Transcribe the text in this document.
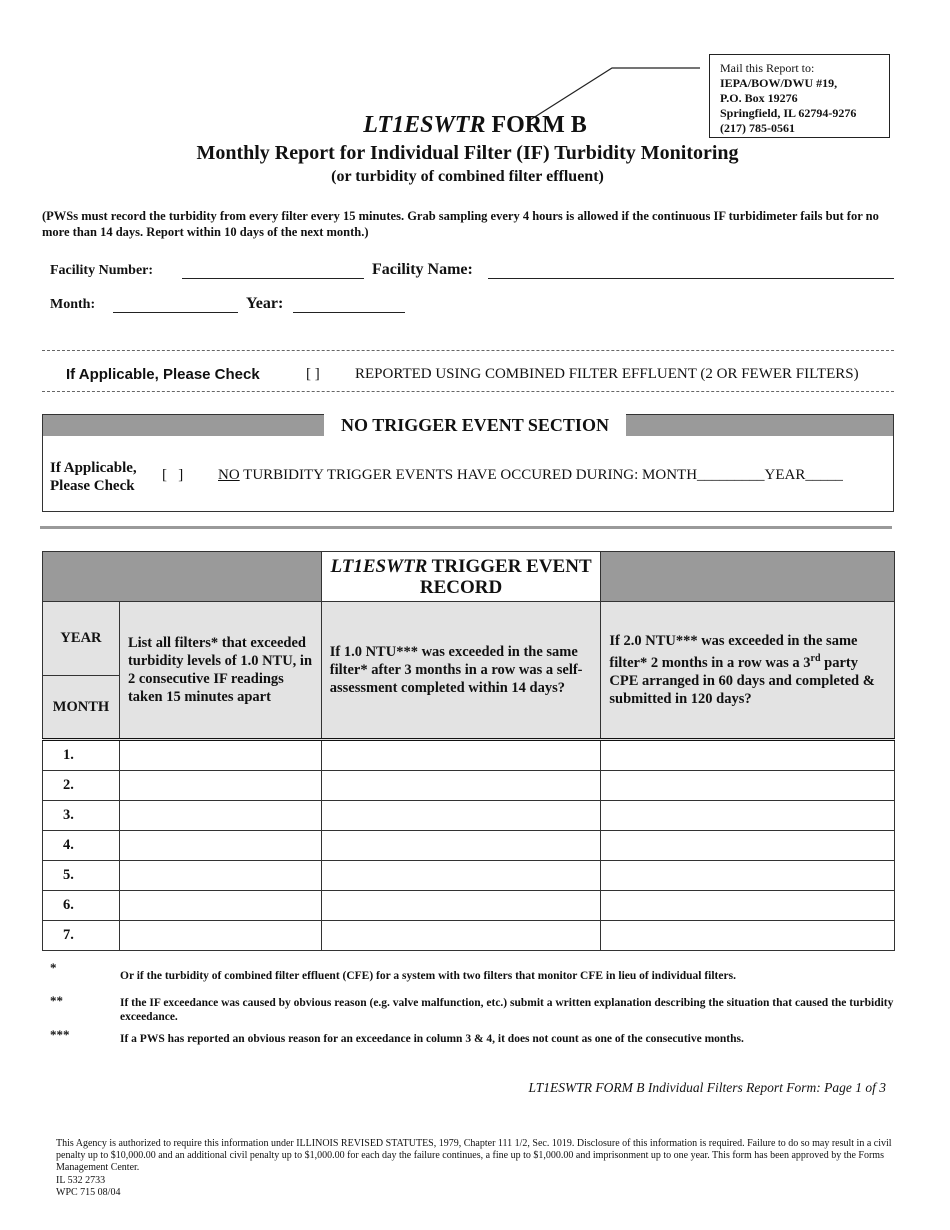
LT1ESWTR FORM B
Mail this Report to:
IEPA/BOW/DWU #19,
P.O. Box 19276
Springfield, IL 62794-9276
(217) 785-0561
Monthly Report for Individual Filter (IF) Turbidity Monitoring
(or turbidity of combined filter effluent)
(PWSs must record the turbidity from every filter every 15 minutes. Grab sampling every 4 hours is allowed if the continuous IF turbidimeter fails but for no more than 14 days. Report within 10 days of the next month.)
Facility Number:	Facility Name:
Month:	Year:
If Applicable, Please Check	[ ] REPORTED USING COMBINED FILTER EFFLUENT (2 OR FEWER FILTERS)
NO TRIGGER EVENT SECTION
If Applicable,
Please Check
[   ] NO TURBIDITY TRIGGER EVENTS HAVE OCCURED DURING: MONTH_________YEAR_____
		LT1ESWTR TRIGGER EVENT RECORD	
YEAR	List all filters* that exceeded turbidity levels of 1.0 NTU, in 2 consecutive IF readings taken 15 minutes apart	If 1.0 NTU*** was exceeded in the same filter* after 3 months in a row was a self-assessment completed within 14 days?	If 2.0 NTU*** was exceeded in the same filter* 2 months in a row was a 3rd party CPE arranged in 60 days and completed & submitted in 120 days?
MONTH			
1.			
2.			
3.			
4.			
5.			
6.			
7.			
*
Or if the turbidity of combined filter effluent (CFE) for a system with two filters that monitor CFE in lieu of individual filters.
**	If the IF exceedance was caused by obvious reason (e.g. valve malfunction, etc.) submit a written explanation describing the situation that caused the turbidity exceedance.
***	If a PWS has reported an obvious reason for an exceedance in column 3 & 4, it does not count as one of the consecutive months.
LT1ESWTR FORM B Individual Filters Report Form: Page 1 of 3
This Agency is authorized to require this information under ILLINOIS REVISED STATUTES, 1979, Chapter 111 1/2, Sec. 1019. Disclosure of this information is required. Failure to do so may result in a civil penalty up to $10,000.00 and an additional civil penalty up to $1,000.00 for each day the failure continues, a fine up to $1,000.00 and imprisonment up to one year. This form has been approved by the Forms Management Center.
IL 532 2733
WPC 715 08/04
